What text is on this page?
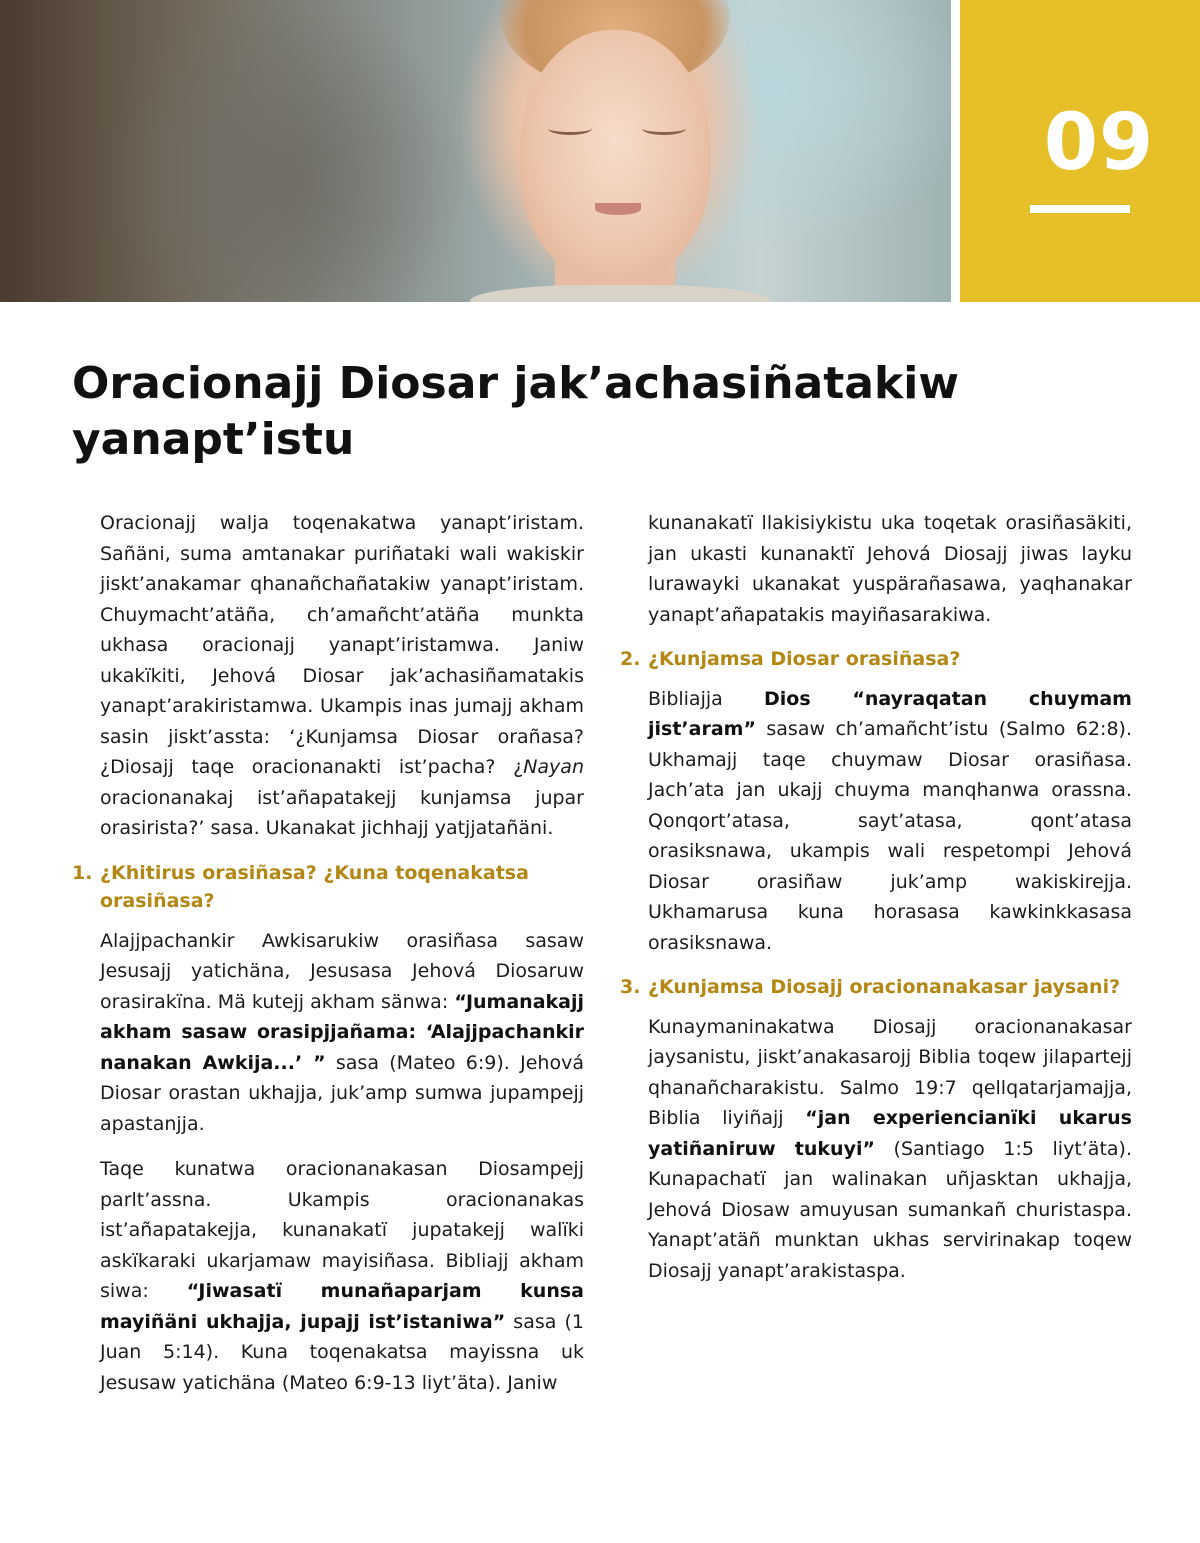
09
Oracionajj Diosar jak’achasiñatakiw yanapt’istu

Oracionajj walja toqenakatwa yanapt’iristam. Sañäni, suma amtanakar puriñataki wali wakiskir jiskt’anakamar qhanañchañatakiw yanapt’iristam. Chuymacht’atäña, ch’amañcht’atäña munkta ukhasa oracionajj yanapt’iristamwa. Janiw ukakïkiti, Jehová Diosar jak’achasiñamatakis yanapt’arakiristamwa. Ukampis inas jumajj akham sasin jiskt’assta: ‘¿Kunjamsa Diosar orañasa? ¿Diosajj taqe oracionanakti ist’pacha? ¿Nayan oracionanakaj ist’añapatakejj kunjamsa jupar orasirista?’ sasa. Ukanakat jichhajj yatjjatañäni.

1. ¿Khitirus orasiñasa? ¿Kuna toqenakatsa orasiñasa?

Alajjpachankir Awkisarukiw orasiñasa sasaw Jesusajj yatichäna, Jesusasa Jehová Diosaruw orasirakïna. Mä kutejj akham sänwa: “Jumanakajj akham sasaw orasipjjañama: ‘Alajjpachankir nanakan Awkija...’ ” sasa (Mateo 6:9). Jehová Diosar orastan ukhajja, juk’amp sumwa jupampejj apastanjja.

Taqe kunatwa oracionanakasan Diosampejj parlt’assna. Ukampis oracionanakas ist’añapatakejja, kunanakatï jupatakejj walïki askïkaraki ukarjamaw mayisiñasa. Bibliajj akham siwa: “Jiwasatï munañaparjam kunsa mayiñäni ukhajja, jupajj ist’istaniwa” sasa (1 Juan 5:14). Kuna toqenakatsa mayissna uk Jesusaw yatichäna (Mateo 6:9-13 liyt’äta). Janiw

kunanakatï llakisiykistu uka toqetak orasiñasäkiti, jan ukasti kunanaktï Jehová Diosajj jiwas layku lurawayki ukanakat yuspärañasawa, yaqhanakar yanapt’añapatakis mayiñasarakiwa.

2. ¿Kunjamsa Diosar orasiñasa?

Bibliajja Dios “nayraqatan chuymam jist’aram” sasaw ch’amañcht’istu (Salmo 62:8). Ukhamajj taqe chuymaw Diosar orasiñasa. Jach’ata jan ukajj chuyma manqhanwa orassna. Qonqort’atasa, sayt’atasa, qont’atasa orasiksnawa, ukampis wali respetompi Jehová Diosar orasiñaw juk’amp wakiskirejja. Ukhamarusa kuna horasasa kawkinkkasasa orasiksnawa.

3. ¿Kunjamsa Diosajj oracionanakasar jaysani?

Kunaymaninakatwa Diosajj oracionanakasar jaysanistu, jiskt’anakasarojj Biblia toqew jilapartejj qhanañcharakistu. Salmo 19:7 qellqatarjamajja, Biblia liyiñajj “jan experiencianïki ukarus yatiñaniruw tukuyi” (Santiago 1:5 liyt’äta). Kunapachatï jan walinakan uñjasktan ukhajja, Jehová Diosaw amuyusan sumankañ churistaspa. Yanapt’atäñ munktan ukhas servirinakap toqew Diosajj yanapt’arakistaspa.
